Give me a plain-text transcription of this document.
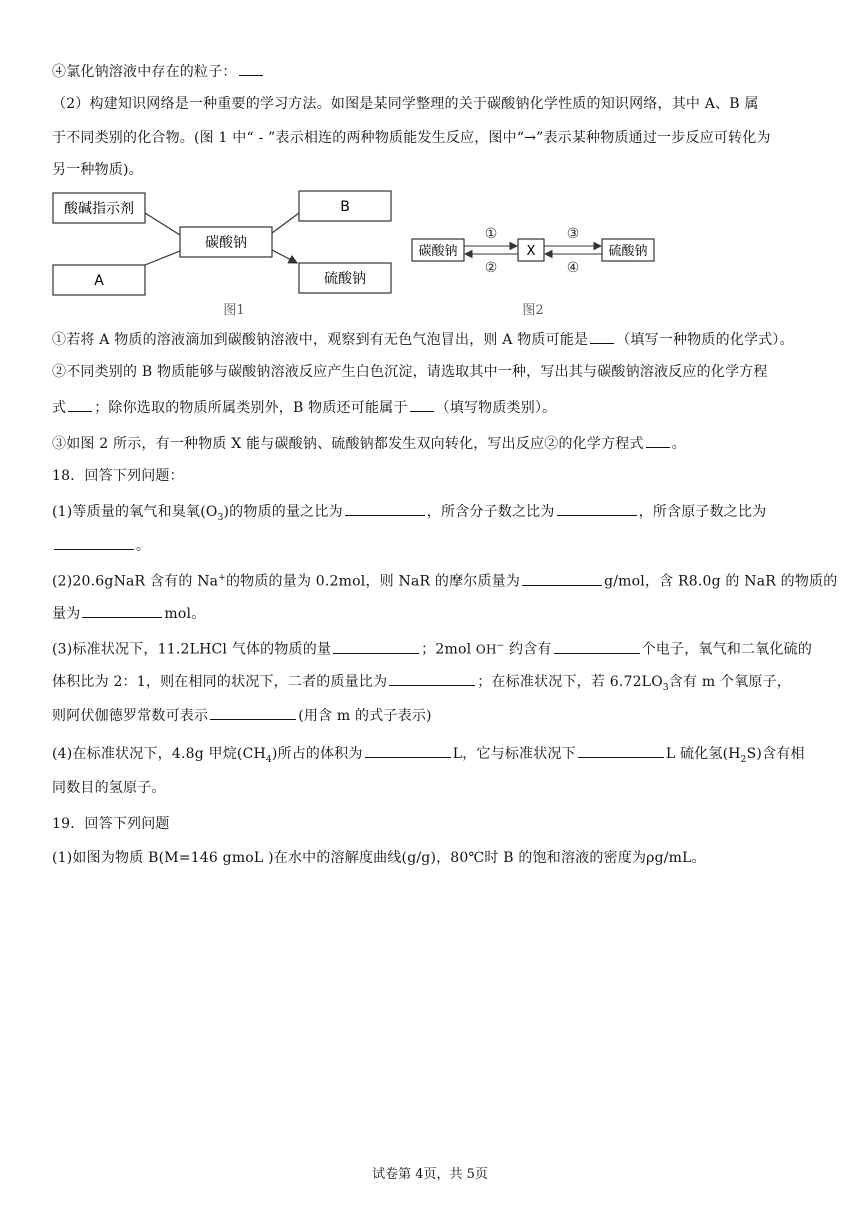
④氯化钠溶液中存在的粒子：
（2）构建知识网络是一种重要的学习方法。如图是某同学整理的关于碳酸钠化学性质的知识网络，其中 A、B 属
于不同类别的化合物。(图 1 中“ - ”表示相连的两种物质能发生反应，图中“→”表示某种物质通过一步反应可转化为
另一种物质)。
酸碱指示剂	B
碳酸钠
A	硫酸钠
图1
碳酸钠	X	硫酸钠
①
②
③
④
图2
①若将 A 物质的溶液滴加到碳酸钠溶液中，观察到有无色气泡冒出，则 A 物质可能是 （填写一种物质的化学式）。
②不同类别的 B 物质能够与碳酸钠溶液反应产生白色沉淀，请选取其中一种，写出其与碳酸钠溶液反应的化学方程
式 ；除你选取的物质所属类别外，B 物质还可能属于 （填写物质类别）。
③如图 2 所示，有一种物质 X 能与碳酸钠、硫酸钠都发生双向转化，写出反应②的化学方程式 。
18．回答下列问题：
(1)等质量的氧气和臭氧$(O_3)$的物质的量之比为	，所含分子数之比为	，所含原子数之比为
。
(2)20.6gNaR 含有的 Na+的物质的量为 0.2mol，则 NaR 的摩尔质量为	g/mol，含 R8.0g 的 NaR 的物质的
量为	mol。
(3)标准状况下，11.2LHCl 气体的物质的量	；2mol OH− 约含有	个电子，氧气和二氧化硫的
体积比为 2：1，则在相同的状况下，二者的质量比为	；在标准状况下，若 $6.72LO_3$含有 m 个氧原子，
则阿伏伽德罗常数可表示	(用含 m 的式子表示)
(4)在标准状况下，4.8g 甲烷$(CH_4)$所占的体积为	L，它与标准状况下	L 硫化氢$(H_2S)$含有相
同数目的氢原子。
19．回答下列问题
(1)如图为物质 B(M=146 gmoL )在水中的溶解度曲线(g/g)，80℃时 B 的饱和溶液的密度为ρg/mL。
试卷第 4页，共 5页
